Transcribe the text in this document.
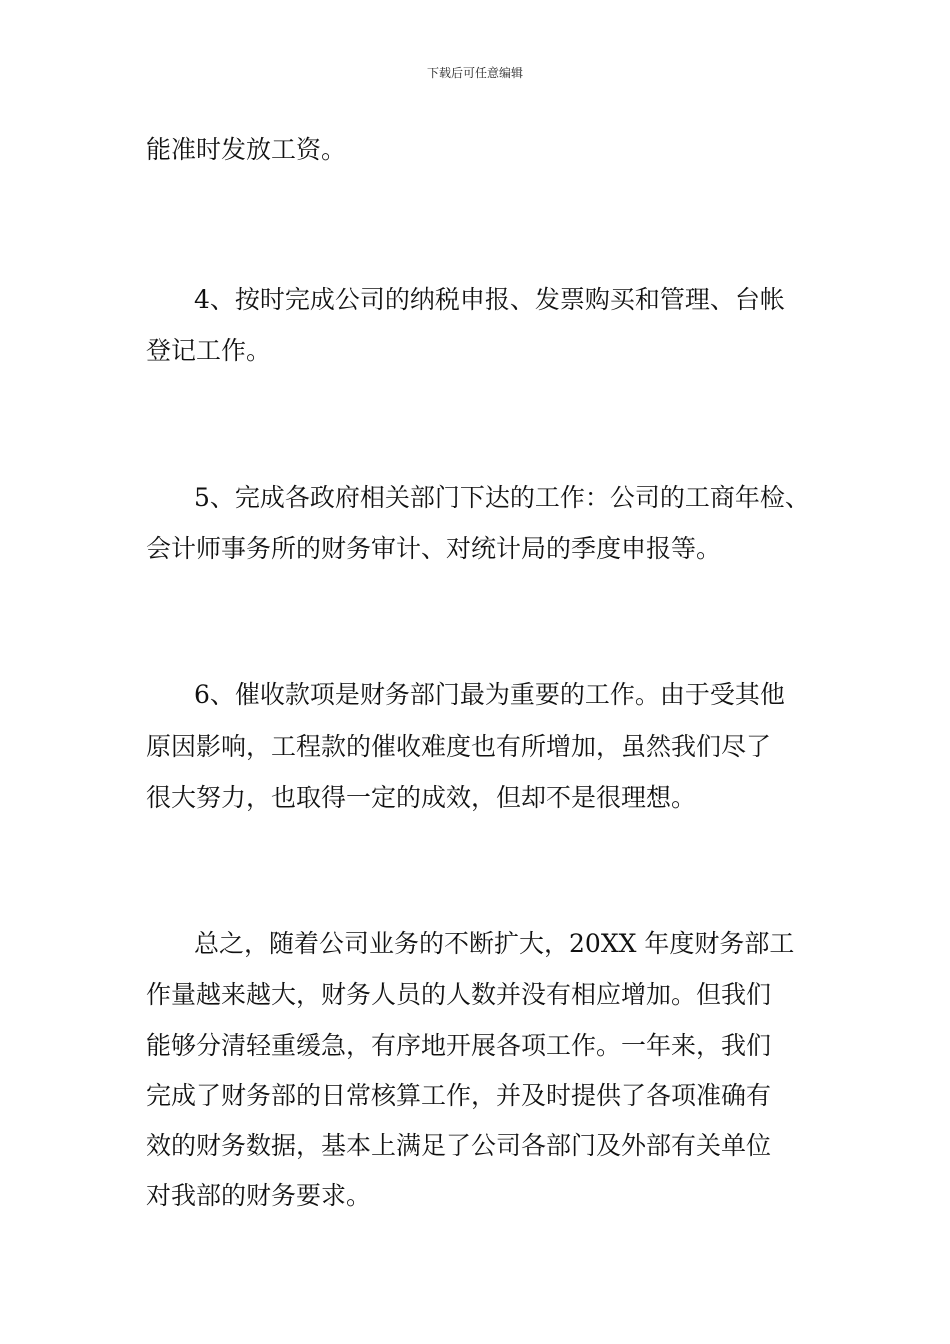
下载后可任意编辑
能准时发放工资。
4、按时完成公司的纳税申报、发票购买和管理、台帐
登记工作。
5、完成各政府相关部门下达的工作：公司的工商年检、
会计师事务所的财务审计、对统计局的季度申报等。
6、催收款项是财务部门最为重要的工作。由于受其他
原因影响，工程款的催收难度也有所增加，虽然我们尽了
很大努力，也取得一定的成效，但却不是很理想。
总之，随着公司业务的不断扩大，20XX 年度财务部工
作量越来越大，财务人员的人数并没有相应增加。但我们
能够分清轻重缓急，有序地开展各项工作。一年来，我们
完成了财务部的日常核算工作，并及时提供了各项准确有
效的财务数据，基本上满足了公司各部门及外部有关单位
对我部的财务要求。
